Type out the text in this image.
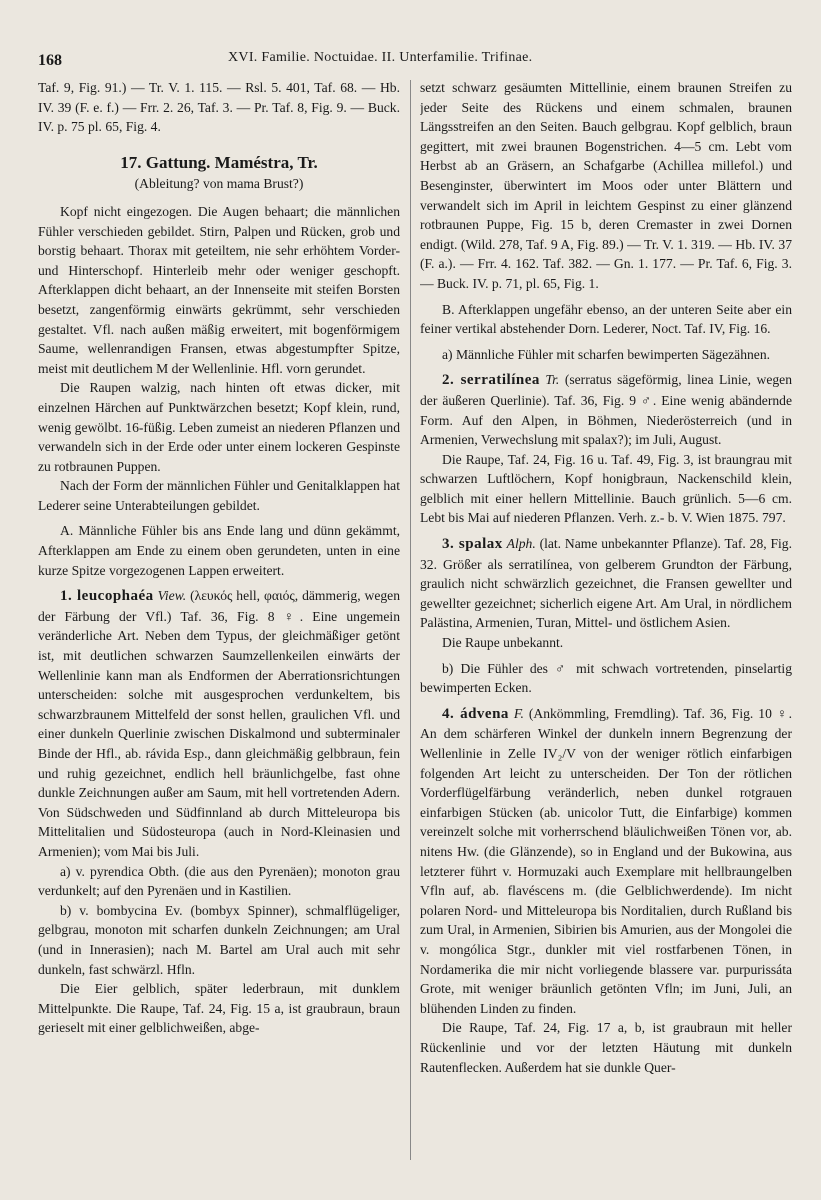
168	XVI. Familie. Noctuidae. II. Unterfamilie. Trifinae.

Taf. 9, Fig. 91.) — Tr. V. 1. 115. — Rsl. 5. 401, Taf. 68. — Hb. IV. 39 (F. e. f.) — Frr. 2. 26, Taf. 3. — Pr. Taf. 8, Fig. 9. — Buck. IV. p. 75 pl. 65, Fig. 4.

17. Gattung. Maméstra, Tr.

(Ableitung? von mama Brust?)

Kopf nicht eingezogen. Die Augen behaart; die männlichen Fühler verschieden gebildet. Stirn, Palpen und Rücken, grob und borstig behaart. Thorax mit geteiltem, nie sehr erhöhtem Vorder- und Hinterschopf. Hinterleib mehr oder weniger geschopft. Afterklappen dicht behaart, an der Innenseite mit steifen Borsten besetzt, zangenförmig einwärts gekrümmt, sehr verschieden gestaltet. Vfl. nach außen mäßig erweitert, mit bogenförmigem Saume, wellenrandigen Fransen, etwas abgestumpfter Spitze, meist mit deutlichem M der Wellenlinie. Hfl. vorn gerundet.

Die Raupen walzig, nach hinten oft etwas dicker, mit einzelnen Härchen auf Punktwärzchen besetzt; Kopf klein, rund, wenig gewölbt. 16-füßig. Leben zumeist an niederen Pflanzen und verwandeln sich in der Erde oder unter einem lockeren Gespinste zu rotbraunen Puppen.

Nach der Form der männlichen Fühler und Genitalklappen hat Lederer seine Unterabteilungen gebildet.

A. Männliche Fühler bis ans Ende lang und dünn gekämmt, Afterklappen am Ende zu einem oben gerundeten, unten in eine kurze Spitze vorgezogenen Lappen erweitert.

1. leucophaéa View. (λευκός hell, φαιός, dämmerig, wegen der Färbung der Vfl.) Taf. 36, Fig. 8 ♀. Eine ungemein veränderliche Art. Neben dem Typus, der gleichmäßiger getönt ist, mit deutlichen schwarzen Saumzellenkeilen einwärts der Wellenlinie kann man als Endformen der Aberrationsrichtungen unterscheiden: solche mit ausgesprochen verdunkeltem, bis schwarzbraunem Mittelfeld der sonst hellen, graulichen Vfl. und einer dunkeln Querlinie zwischen Diskalmond und subterminaler Binde der Hfl., ab. rávida Esp., dann gleichmäßig gelbbraun, fein und ruhig gezeichnet, endlich hell bräunlichgelbe, fast ohne dunkle Zeichnungen außer am Saum, mit hell vortretenden Adern. Von Südschweden und Südfinnland ab durch Mitteleuropa bis Mittelitalien und Südosteuropa (auch in Nord-Kleinasien und Armenien); vom Mai bis Juli.

a) v. pyrendica Obth. (die aus den Pyrenäen); monoton grau verdunkelt; auf den Pyrenäen und in Kastilien.

b) v. bombycina Ev. (bombyx Spinner), schmalflügeliger, gelbgrau, monoton mit scharfen dunkeln Zeichnungen; am Ural (und in Innerasien); nach M. Bartel am Ural auch mit sehr dunkeln, fast schwärzl. Hfln.

Die Eier gelblich, später lederbraun, mit dunklem Mittelpunkte. Die Raupe, Taf. 24, Fig. 15 a, ist graubraun, braun gerieselt mit einer gelblichweißen, abge-

setzt schwarz gesäumten Mittellinie, einem braunen Streifen zu jeder Seite des Rückens und einem schmalen, braunen Längsstreifen an den Seiten. Bauch gelbgrau. Kopf gelblich, braun gegittert, mit zwei braunen Bogenstrichen. 4—5 cm. Lebt vom Herbst ab an Gräsern, an Schafgarbe (Achillea millefol.) und Besenginster, überwintert im Moos oder unter Blättern und verwandelt sich im April in leichtem Gespinst zu einer glänzend rotbraunen Puppe, Fig. 15 b, deren Cremaster in zwei Dornen endigt. (Wild. 278, Taf. 9 A, Fig. 89.) — Tr. V. 1. 319. — Hb. IV. 37 (F. a.). — Frr. 4. 162. Taf. 382. — Gn. 1. 177. — Pr. Taf. 6, Fig. 3. — Buck. IV. p. 71, pl. 65, Fig. 1.

B. Afterklappen ungefähr ebenso, an der unteren Seite aber ein feiner vertikal abstehender Dorn. Lederer, Noct. Taf. IV, Fig. 16.

a) Männliche Fühler mit scharfen bewimperten Sägezähnen.

2. serratilínea Tr. (serratus sägeförmig, linea Linie, wegen der äußeren Querlinie). Taf. 36, Fig. 9 ♂. Eine wenig abändernde Form. Auf den Alpen, in Böhmen, Niederösterreich (und in Armenien, Verwechslung mit spalax?); im Juli, August.

Die Raupe, Taf. 24, Fig. 16 u. Taf. 49, Fig. 3, ist braungrau mit schwarzen Luftlöchern, Kopf honigbraun, Nackenschild klein, gelblich mit einer hellern Mittellinie. Bauch grünlich. 5—6 cm. Lebt bis Mai auf niederen Pflanzen. Verh. z.- b. V. Wien 1875. 797.

3. spalax Alph. (lat. Name unbekannter Pflanze). Taf. 28, Fig. 32. Größer als serratilínea, von gelberem Grundton der Färbung, graulich nicht schwärzlich gezeichnet, die Fransen gewellter und gewellter gezeichnet; sicherlich eigene Art. Am Ural, in nördlichem Palästina, Armenien, Turan, Mittel- und östlichem Asien.

Die Raupe unbekannt.

b) Die Fühler des ♂ mit schwach vortretenden, pinselartig bewimperten Ecken.

4. ádvena F. (Ankömmling, Fremdling). Taf. 36, Fig. 10 ♀. An dem schärferen Winkel der dunkeln innern Begrenzung der Wellenlinie in Zelle IV₂/V von der weniger rötlich einfarbigen folgenden Art leicht zu unterscheiden. Der Ton der rötlichen Vorderflügelfärbung veränderlich, neben dunkel rotgrauen einfarbigen Stücken (ab. unicolor Tutt, die Einfarbige) kommen vereinzelt solche mit vorherrschend bläulichweißen Tönen vor, ab. nitens Hw. (die Glänzende), so in England und der Bukowina, aus letzterer führt v. Hormuzaki auch Exemplare mit hellbraungelben Vfln auf, ab. flavéscens m. (die Gelblichwerdende). Im nicht polaren Nord- und Mitteleuropa bis Norditalien, durch Rußland bis zum Ural, in Armenien, Sibirien bis Amurien, aus der Mongolei die v. mongólica Stgr., dunkler mit viel rostfarbenen Tönen, in Nordamerika die mir nicht vorliegende blassere var. purpurissáta Grote, mit weniger bräunlich getönten Vfln; im Juni, Juli, an blühenden Linden zu finden.

Die Raupe, Taf. 24, Fig. 17 a, b, ist graubraun mit heller Rückenlinie und vor der letzten Häutung mit dunkeln Rautenflecken. Außerdem hat sie dunkle Quer-
